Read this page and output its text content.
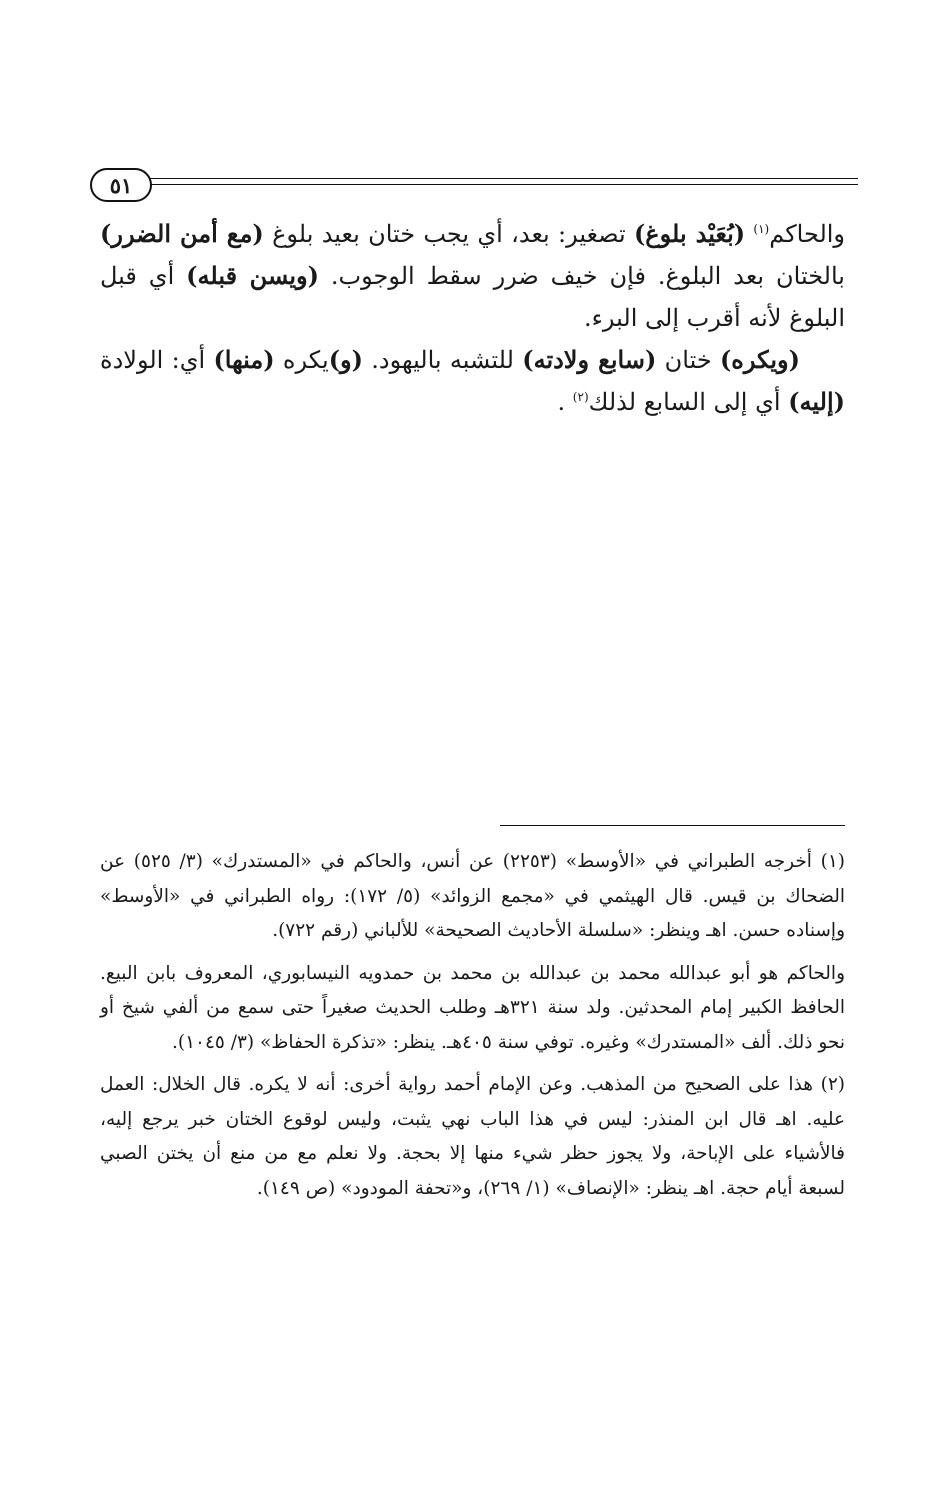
٥١

والحاكم$^{(١)}$ (بُعَيْد بلوغ) تصغير: بعد، أي يجب ختان بعيد بلوغ (مع أمن الضرر) بالختان بعد البلوغ. فإن خيف ضرر سقط الوجوب. (ويسن قبله) أي قبل البلوغ لأنه أقرب إلى البرء.

(ويكره) ختان (سابع ولادته) للتشبه باليهود. (و)يكره (منها) أي: الولادة (إليه) أي إلى السابع لذلك$^{(٢)}$ .

(١) أخرجه الطبراني في «الأوسط» (٢٢٥٣) عن أنس، والحاكم في «المستدرك» (٣/ ٥٢٥) عن الضحاك بن قيس. قال الهيثمي في «مجمع الزوائد» (٥/ ١٧٢): رواه الطبراني في «الأوسط» وإسناده حسن. اهـ وينظر: «سلسلة الأحاديث الصحيحة» للألباني (رقم ٧٢٢).

والحاكم هو أبو عبدالله محمد بن عبدالله بن محمد بن حمدويه النيسابوري، المعروف بابن البيع. الحافظ الكبير إمام المحدثين. ولد سنة ٣٢١هـ وطلب الحديث صغيراً حتى سمع من ألفي شيخ أو نحو ذلك. ألف «المستدرك» وغيره. توفي سنة ٤٠٥هـ. ينظر: «تذكرة الحفاظ» (٣/ ١٠٤٥).

(٢) هذا على الصحيح من المذهب. وعن الإمام أحمد رواية أخرى: أنه لا يكره. قال الخلال: العمل عليه. اهـ قال ابن المنذر: ليس في هذا الباب نهي يثبت، وليس لوقوع الختان خبر يرجع إليه، فالأشياء على الإباحة، ولا يجوز حظر شيء منها إلا بحجة. ولا نعلم مع من منع أن يختن الصبي لسبعة أيام حجة. اهـ ينظر: «الإنصاف» (١/ ٢٦٩)، و«تحفة المودود» (ص ١٤٩).
